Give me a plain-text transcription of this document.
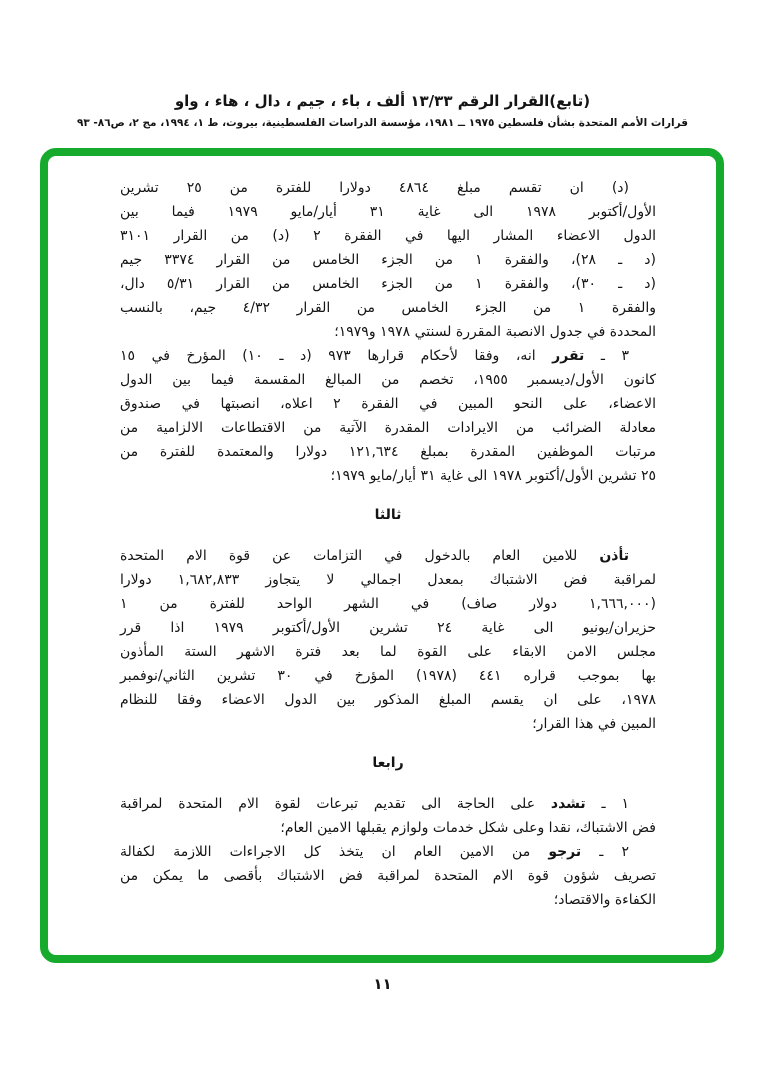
(تابع)القرار الرقم ١٣/٣٣ ألف ، باء ، جيم ، دال ، هاء ، واو
قرارات الأمم المتحدة بشأن فلسطين ١٩٧٥ ــ ١٩٨١، مؤسسة الدراسات الفلسطينية، بيروت، ط ١، ١٩٩٤، مج ٢، ص٨٦- ٩٣

(د) ان تقسم مبلغ ٤٨٦٤ دولارا للفترة من ٢٥ تشرين
الأول/أكتوبر ١٩٧٨ الى غاية ٣١ أيار/مايو ١٩٧٩ فيما بين
الدول الاعضاء المشار اليها في الفقرة ٢ (د) من القرار ٣١٠١
(د ـ ٢٨)، والفقرة ١ من الجزء الخامس من القرار ٣٣٧٤ جيم
(د ـ ٣٠)، والفقرة ١ من الجزء الخامس من القرار ٥/٣١ دال،
والفقرة ١ من الجزء الخامس من القرار ٤/٣٢ جيم، بالنسب
المحددة في جدول الانصبة المقررة لسنتي ١٩٧٨ و١٩٧٩؛

٣ ـ تقرر انه، وفقا لأحكام قرارها ٩٧٣ (د ـ ١٠) المؤرخ في ١٥
كانون الأول/ديسمبر ١٩٥٥، تخصم من المبالغ المقسمة فيما بين الدول
الاعضاء، على النحو المبين في الفقرة ٢ اعلاه، انصبتها في صندوق
معادلة الضرائب من الايرادات المقدرة الآتية من الاقتطاعات الالزامية من
مرتبات الموظفين المقدرة بمبلغ ١٢١,٦٣٤ دولارا والمعتمدة للفترة من
٢٥ تشرين الأول/أكتوبر ١٩٧٨ الى غاية ٣١ أيار/مايو ١٩٧٩؛

ثالثا

تأذن للامين العام بالدخول في التزامات عن قوة الام المتحدة
لمراقبة فض الاشتباك بمعدل اجمالي لا يتجاوز ١,٦٨٢,٨٣٣ دولارا
(١,٦٦٦,٠٠٠ دولار صاف) في الشهر الواحد للفترة من ١
حزيران/يونيو الى غاية ٢٤ تشرين الأول/أكتوبر ١٩٧٩ اذا قرر
مجلس الامن الابقاء على القوة لما بعد فترة الاشهر الستة المأذون
بها بموجب قراره ٤٤١ (١٩٧٨) المؤرخ في ٣٠ تشرين الثاني/نوفمبر
١٩٧٨، على ان يقسم المبلغ المذكور بين الدول الاعضاء وفقا للنظام
المبين في هذا القرار؛

رابعا

١ ـ تشدد على الحاجة الى تقديم تبرعات لقوة الام المتحدة لمراقبة
فض الاشتباك، نقدا وعلى شكل خدمات ولوازم يقبلها الامين العام؛

٢ ـ ترجو من الامين العام ان يتخذ كل الاجراءات اللازمة لكفالة
تصريف شؤون قوة الام المتحدة لمراقبة فض الاشتباك بأقصى ما يمكن من
الكفاءة والاقتصاد؛

١١
